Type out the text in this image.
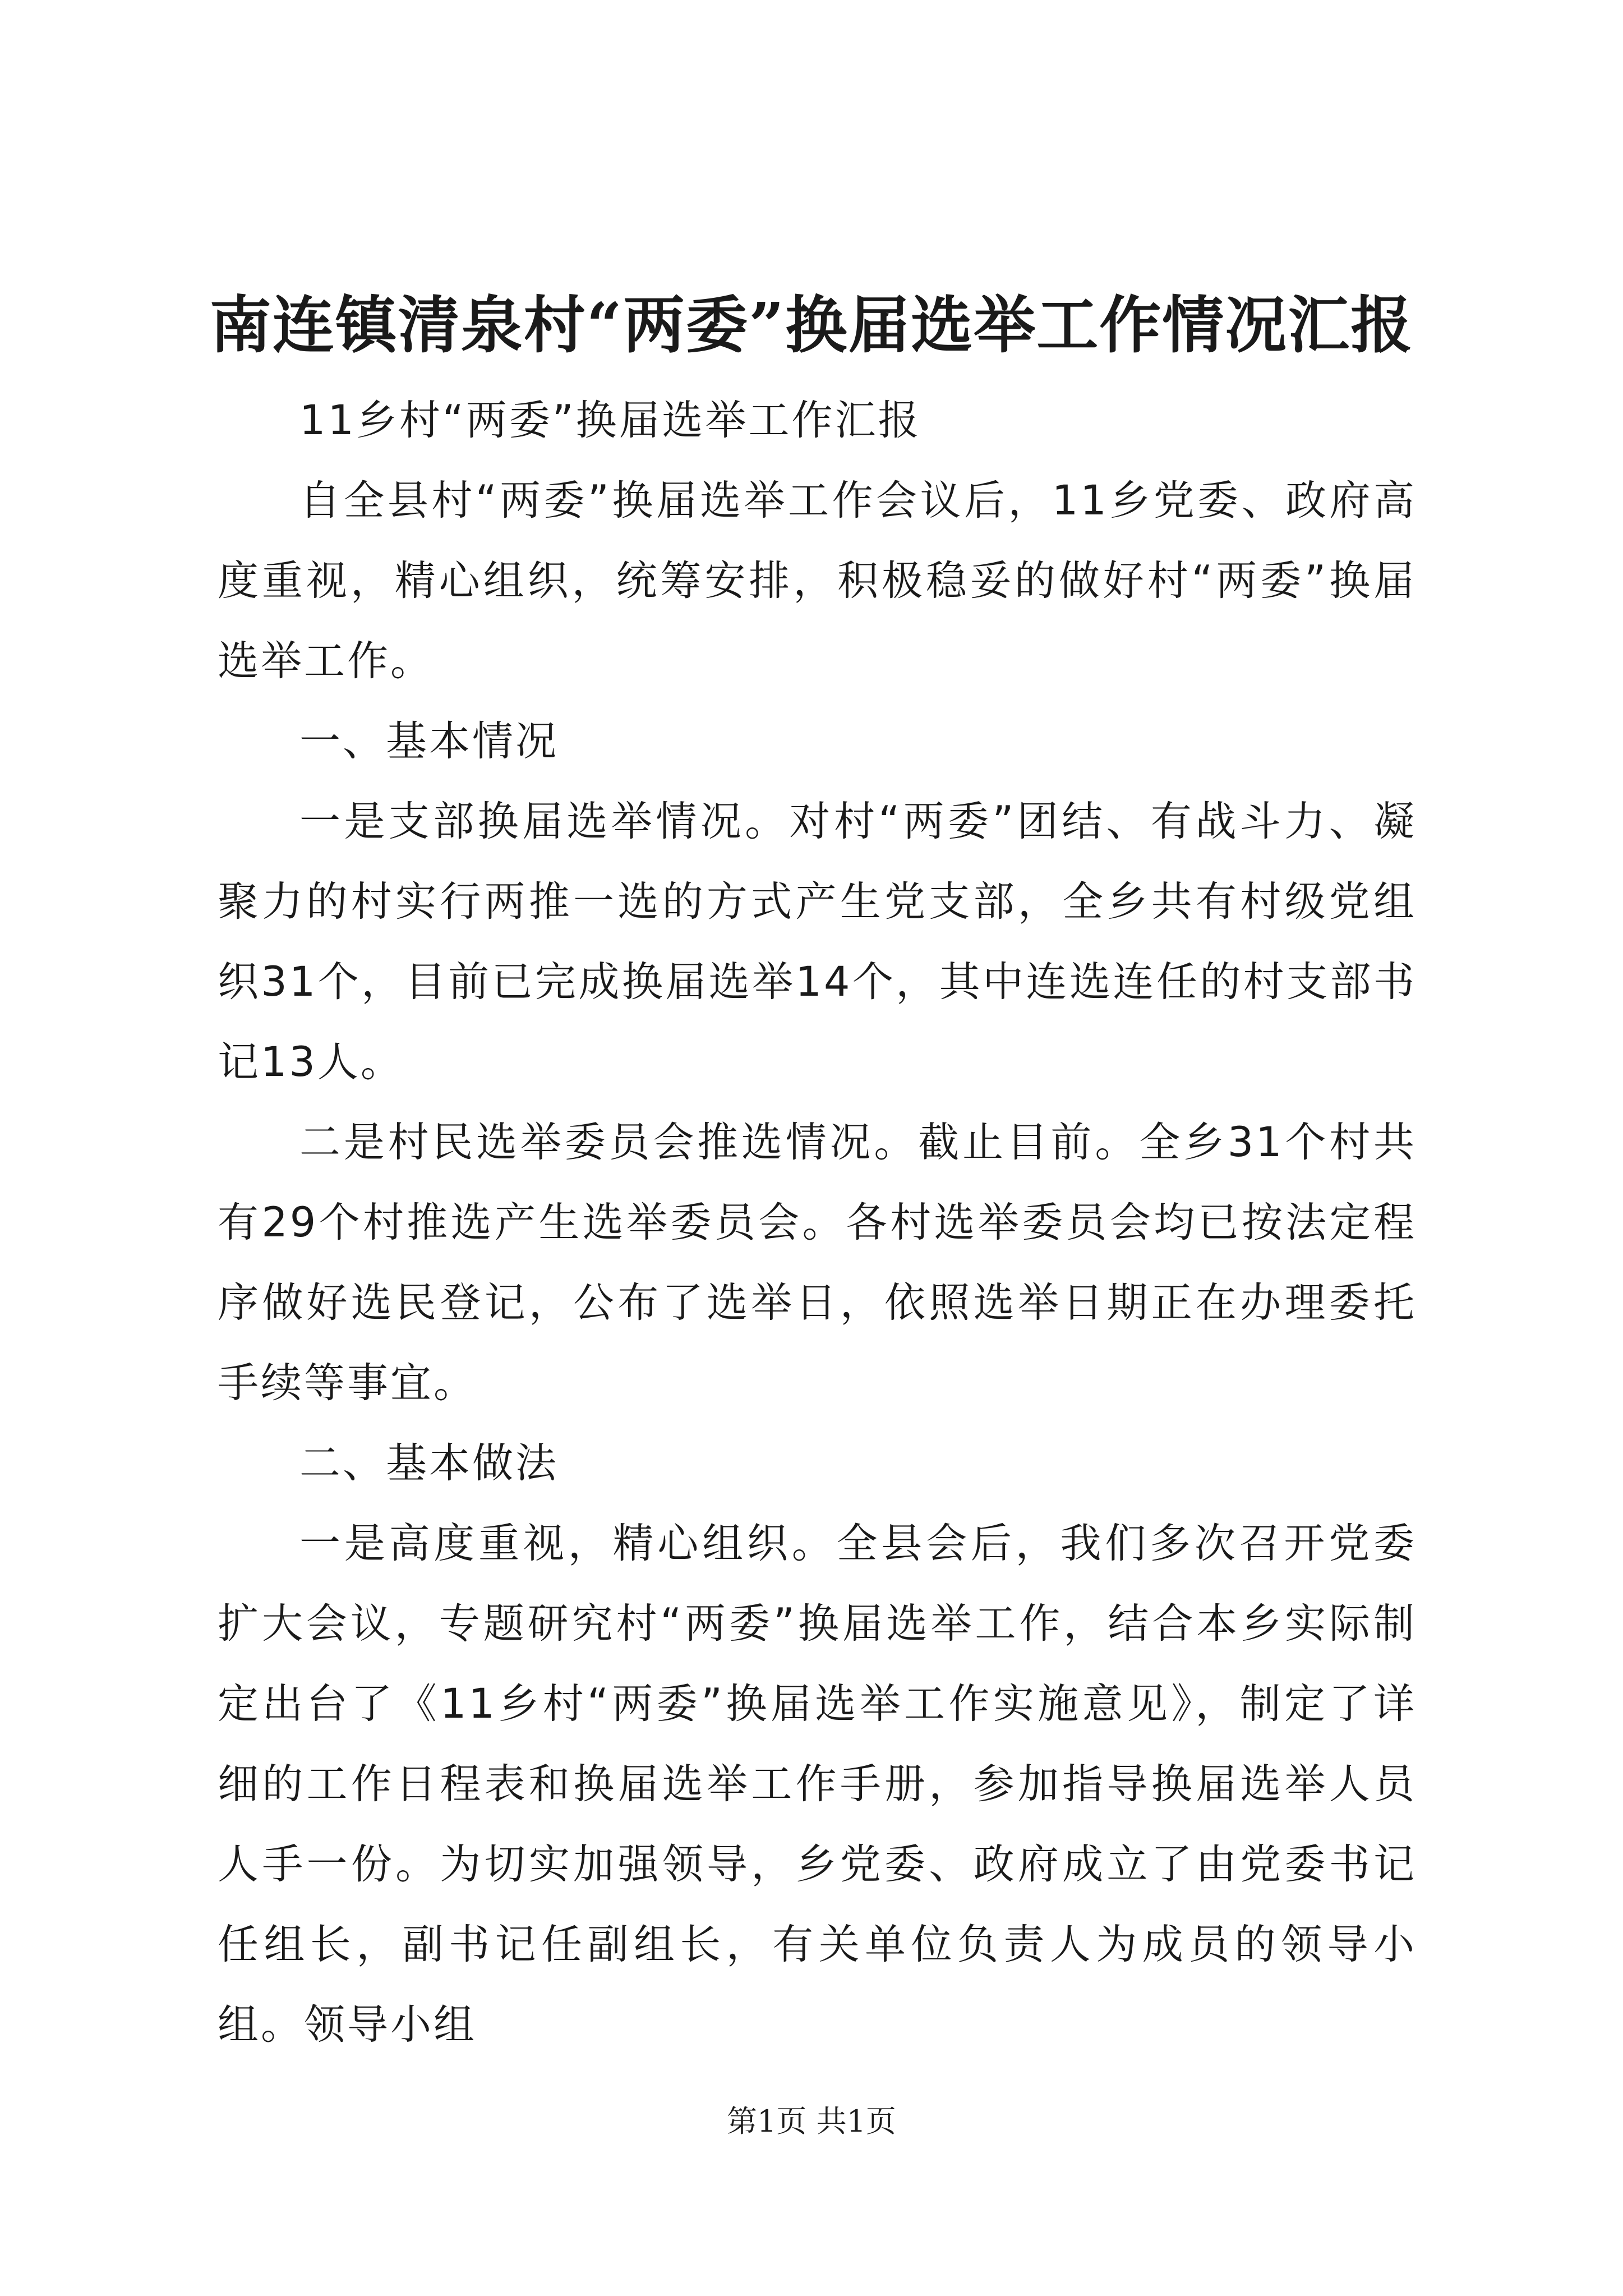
南连镇清泉村“两委”换届选举工作情况汇报

11乡村“两委”换届选举工作汇报

自全县村“两委”换届选举工作会议后，11乡党委、政府高度重视，精心组织，统筹安排，积极稳妥的做好村“两委”换届选举工作。

一、基本情况

一是支部换届选举情况。对村“两委”团结、有战斗力、凝聚力的村实行两推一选的方式产生党支部，全乡共有村级党组织31个，目前已完成换届选举14个，其中连选连任的村支部书记13人。

二是村民选举委员会推选情况。截止目前。全乡31个村共有29个村推选产生选举委员会。各村选举委员会均已按法定程序做好选民登记，公布了选举日，依照选举日期正在办理委托手续等事宜。

二、基本做法

一是高度重视，精心组织。全县会后，我们多次召开党委扩大会议，专题研究村“两委”换届选举工作，结合本乡实际制定出台了《11乡村“两委”换届选举工作实施意见》，制定了详细的工作日程表和换届选举工作手册，参加指导换届选举人员人手一份。为切实加强领导，乡党委、政府成立了由党委书记任组长，副书记任副组长，有关单位负责人为成员的领导小组。领导小组

第1页 共1页
